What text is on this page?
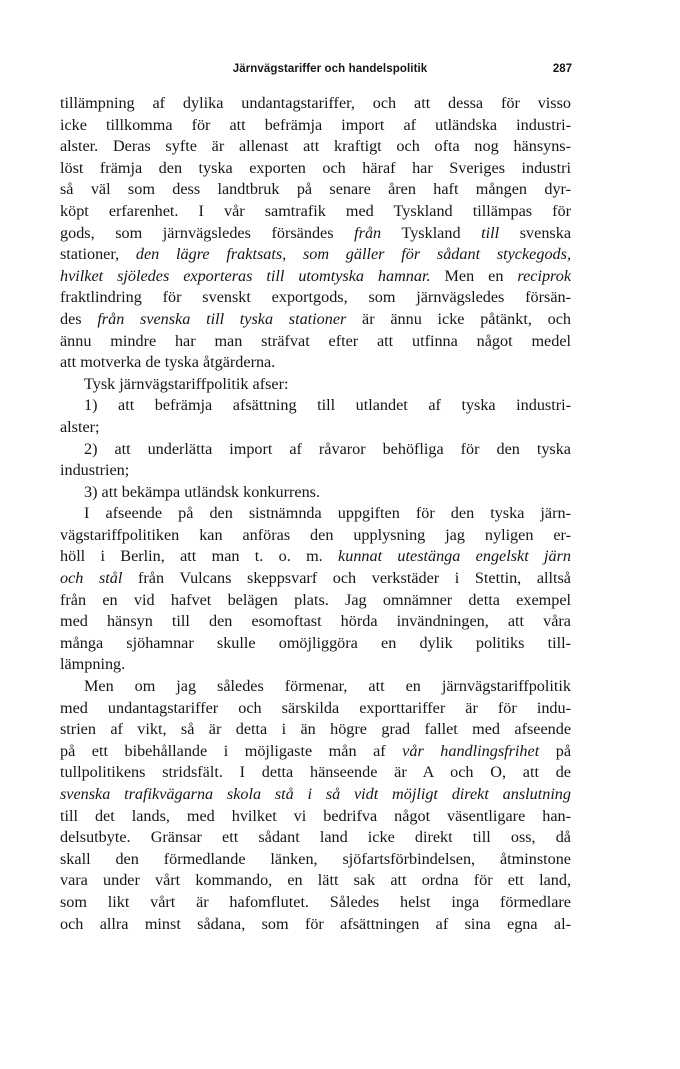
Järnvägstariffer och handelspolitik	287
tillämpning af dylika undantagstariffer, och att dessa för visso
icke tillkomma för att befrämja import af utländska industri-
alster. Deras syfte är allenast att kraftigt och ofta nog hänsyns-
löst främja den tyska exporten och häraf har Sveriges industri
så väl som dess landtbruk på senare åren haft mången dyr-
köpt erfarenhet. I vår samtrafik med Tyskland tillämpas för
gods, som järnvägsledes försändes från Tyskland till svenska
stationer, den lägre fraktsats, som gäller för sådant styckegods,
hvilket sjöledes exporteras till utomtyska hamnar. Men en reciprok
fraktlindring för svenskt exportgods, som järnvägsledes försän-
des från svenska till tyska stationer är ännu icke påtänkt, och
ännu mindre har man sträfvat efter att utfinna något medel
att motverka de tyska åtgärderna.
Tysk järnvägstariffpolitik afser:
1) att befrämja afsättning till utlandet af tyska industri-
alster;
2) att underlätta import af råvaror behöfliga för den tyska
industrien;
3) att bekämpa utländsk konkurrens.
I afseende på den sistnämnda uppgiften för den tyska järn-
vägstariffpolitiken kan anföras den upplysning jag nyligen er-
höll i Berlin, att man t. o. m. kunnat utestänga engelskt järn
och stål från Vulcans skeppsvarf och verkstäder i Stettin, alltså
från en vid hafvet belägen plats. Jag omnämner detta exempel
med hänsyn till den esomoftast hörda invändningen, att våra
många sjöhamnar skulle omöjliggöra en dylik politiks till-
lämpning.
Men om jag således förmenar, att en järnvägstariffpolitik
med undantagstariffer och särskilda exporttariffer är för indu-
strien af vikt, så är detta i än högre grad fallet med afseende
på ett bibehållande i möjligaste mån af vår handlingsfrihet på
tullpolitikens stridsfält. I detta hänseende är A och O, att de
svenska trafikvägarna skola stå i så vidt möjligt direkt anslutning
till det lands, med hvilket vi bedrifva något väsentligare han-
delsutbyte. Gränsar ett sådant land icke direkt till oss, då
skall den förmedlande länken, sjöfartsförbindelsen, åtminstone
vara under vårt kommando, en lätt sak att ordna för ett land,
som likt vårt är hafomflutet. Således helst inga förmedlare
och allra minst sådana, som för afsättningen af sina egna al-
